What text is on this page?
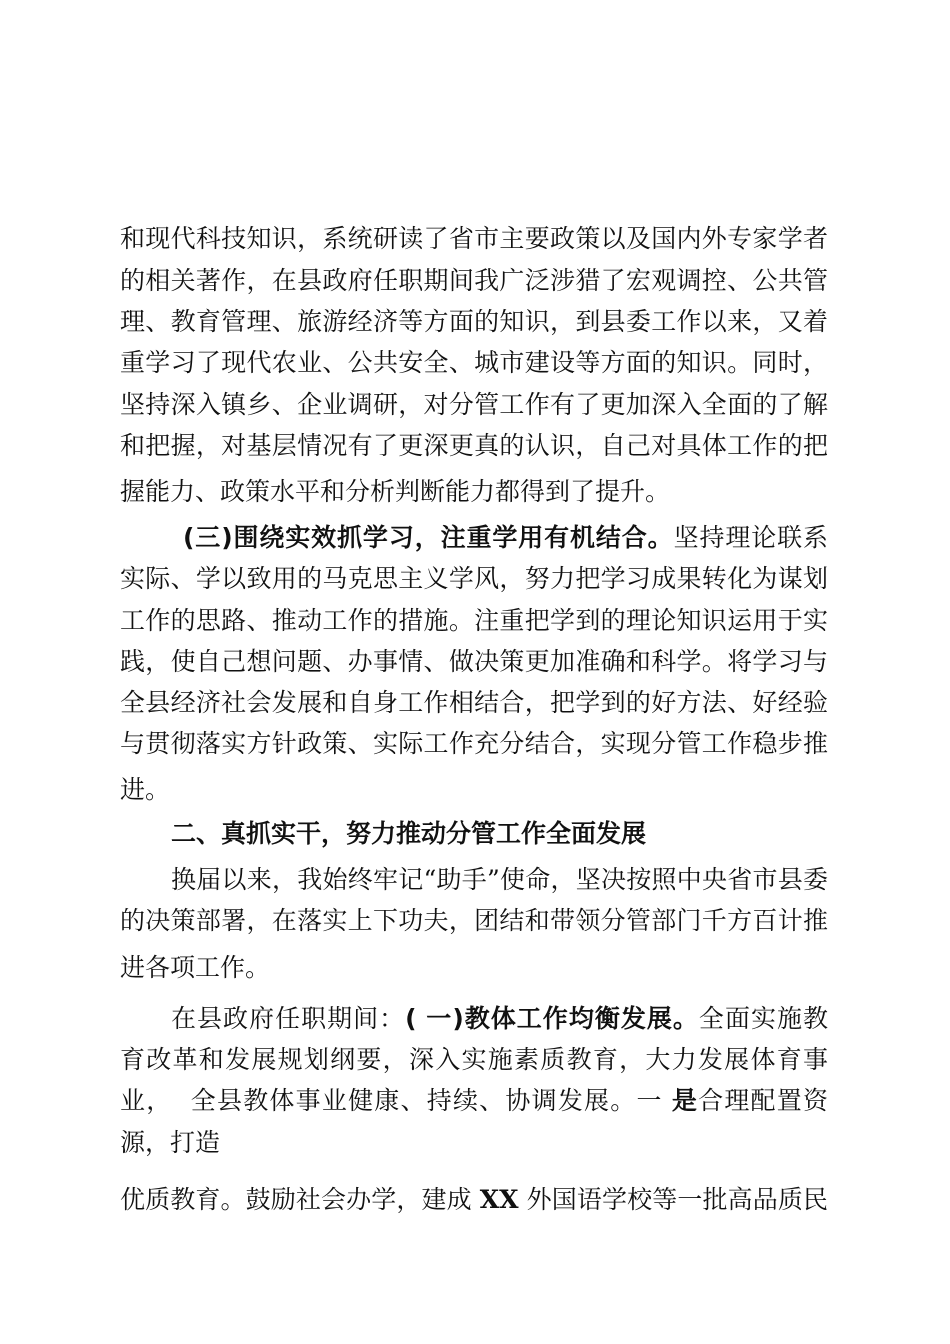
和现代科技知识，系统研读了省市主要政策以及国内外专家学者
的相关著作，在县政府任职期间我广泛涉猎了宏观调控、公共管
理、教育管理、旅游经济等方面的知识，到县委工作以来，又着
重学习了现代农业、公共安全、城市建设等方面的知识。同时，
坚持深入镇乡、企业调研，对分管工作有了更加深入全面的了解
和把握，对基层情况有了更深更真的认识，自己对具体工作的把
握能力、政策水平和分析判断能力都得到了提升。
(三)围绕实效抓学习，注重学用有机结合。坚持理论联系
实际、学以致用的马克思主义学风，努力把学习成果转化为谋划
工作的思路、推动工作的措施。注重把学到的理论知识运用于实
践，使自己想问题、办事情、做决策更加准确和科学。将学习与
全县经济社会发展和自身工作相结合，把学到的好方法、好经验
与贯彻落实方针政策、实际工作充分结合，实现分管工作稳步推
进。
二、真抓实干，努力推动分管工作全面发展
换届以来，我始终牢记“助手”使命，坚决按照中央省市县委
的决策部署，在落实上下功夫，团结和带领分管部门千方百计推
进各项工作。
在县政府任职期间：( 一)教体工作均衡发展。全面实施教
育改革和发展规划纲要，深入实施素质教育，大力发展体育事
业，  全县教体事业健康、持续、协调发展。一 是合理配置资
源，打造
优质教育。鼓励社会办学，建成 XX 外国语学校等一批高品质民
